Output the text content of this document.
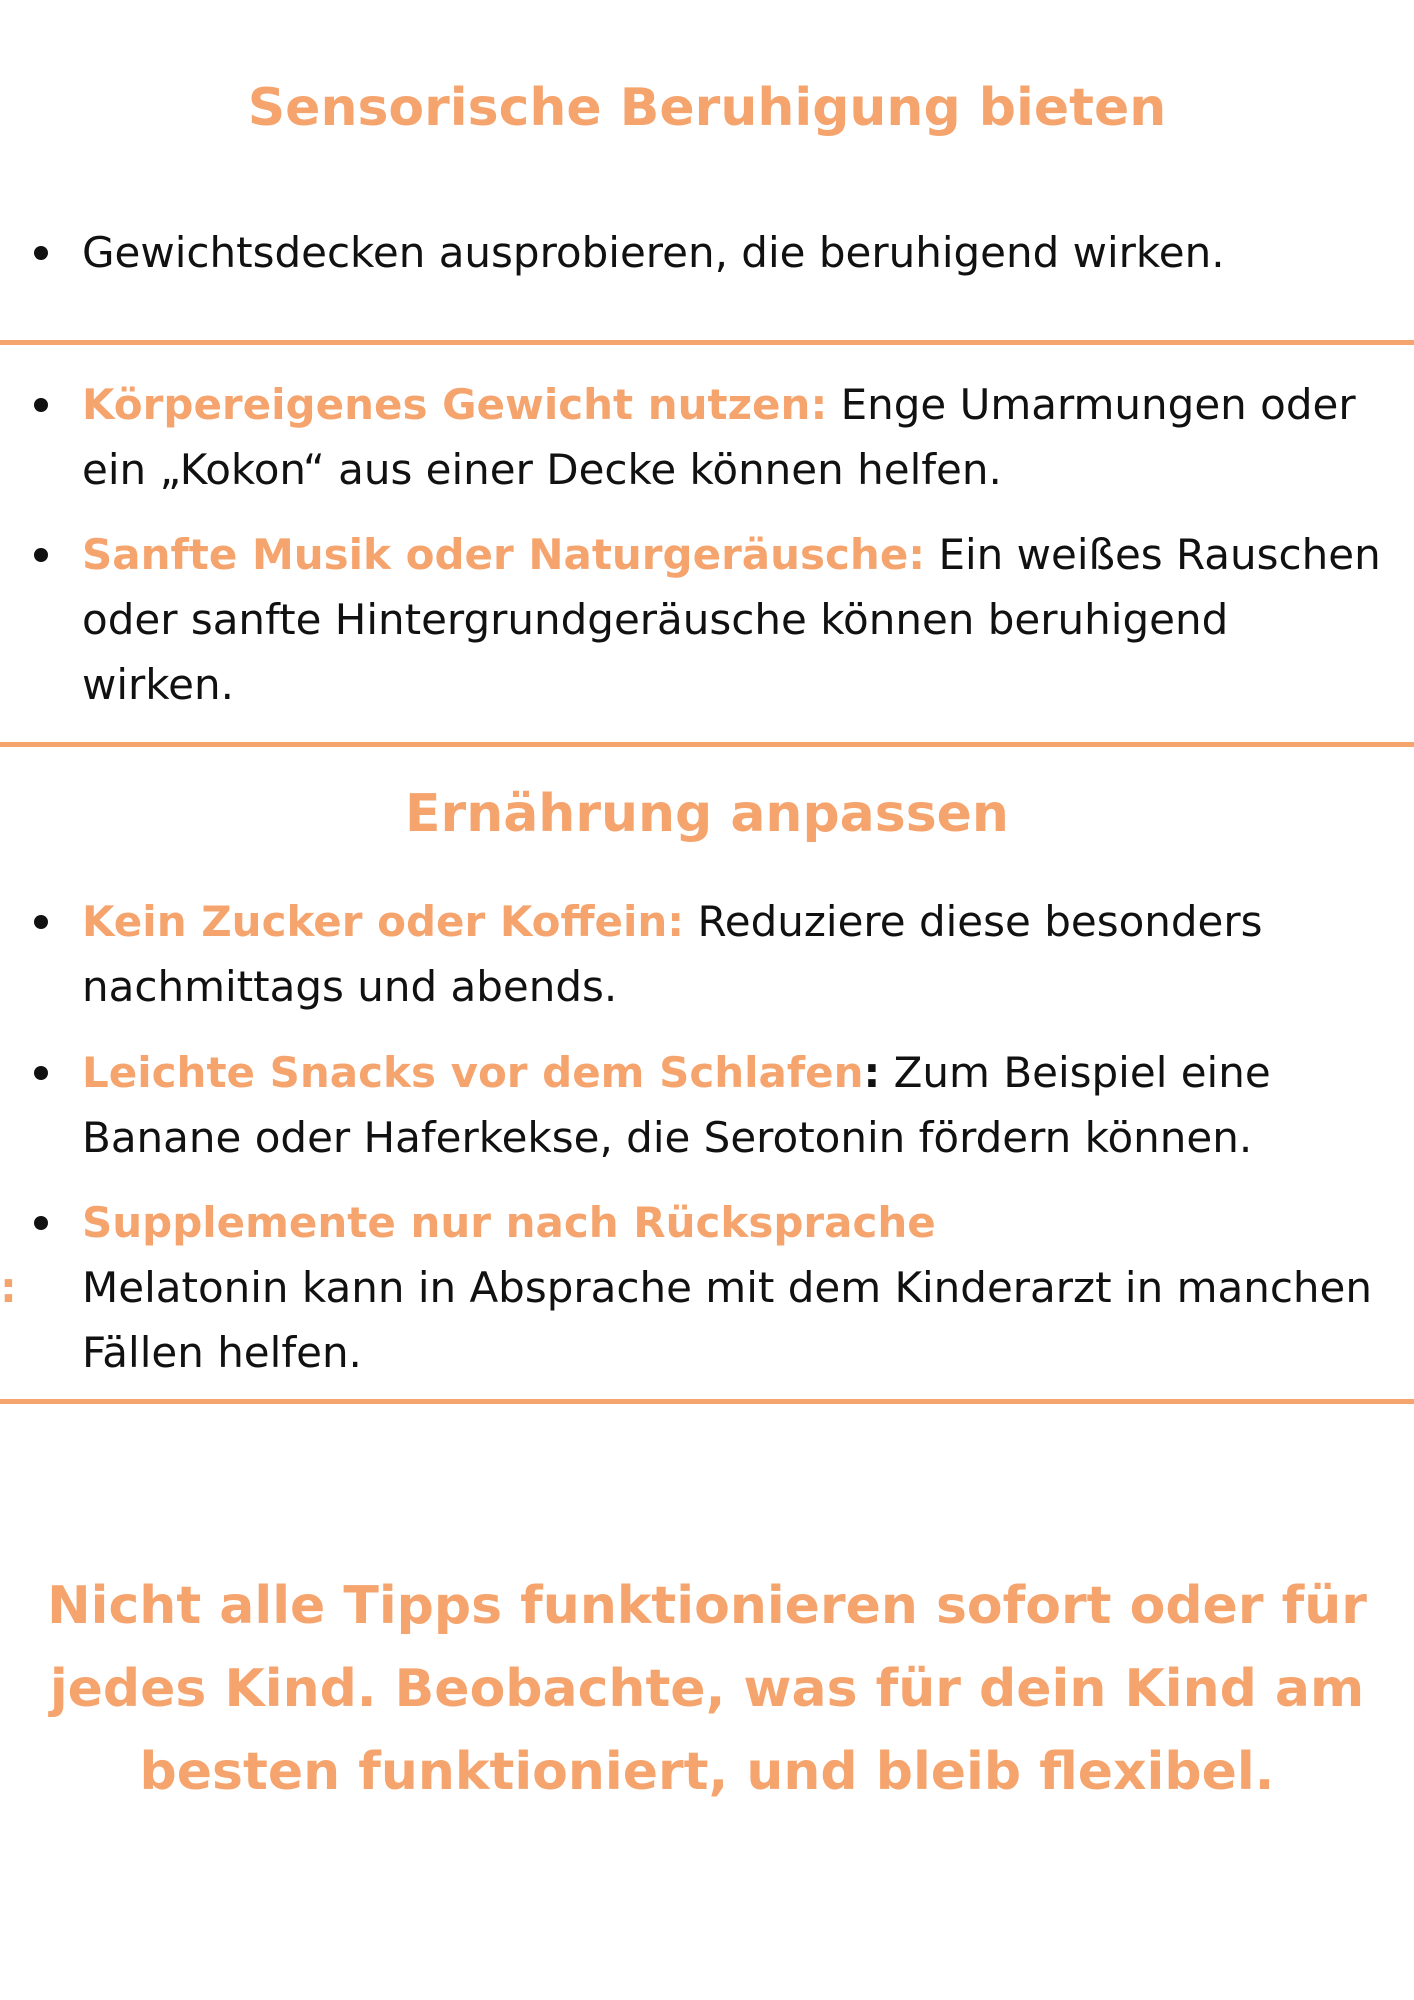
Sensorische Beruhigung bieten
Gewichtsdecken ausprobieren, die beruhigend wirken.
Körpereigenes Gewicht nutzen: Enge Umarmungen oder ein „Kokon“ aus einer Decke können helfen.
Sanfte Musik oder Naturgeräusche: Ein weißes Rauschen oder sanfte Hintergrundgeräusche können beruhigend wirken.
Ernährung anpassen
Kein Zucker oder Koffein: Reduziere diese besonders nachmittags und abends.
Leichte Snacks vor dem Schlafen: Zum Beispiel eine Banane oder Haferkekse, die Serotonin fördern können.
Supplemente nur nach Rücksprache
Melatonin kann in Absprache mit dem Kinderarzt in manchen Fällen helfen.
:
Nicht alle Tipps funktionieren sofort oder für jedes Kind. Beobachte, was für dein Kind am besten funktioniert, und bleib flexibel.
